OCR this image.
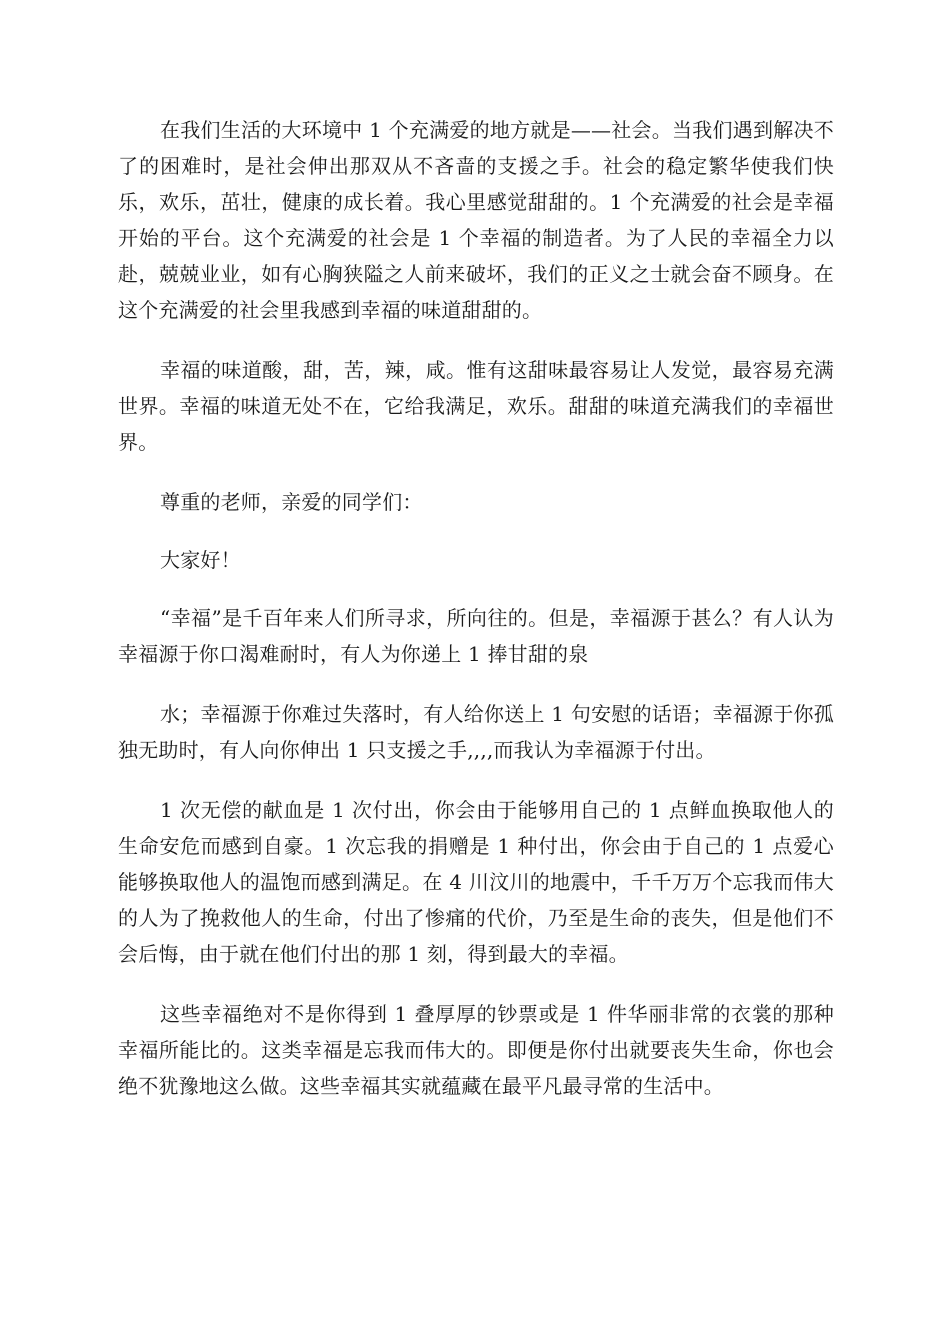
在我们生活的大环境中 1 个充满爱的地方就是——社会。当我们遇到解决不了的困难时，是社会伸出那双从不吝啬的支援之手。社会的稳定繁华使我们快乐，欢乐，茁壮，健康的成长着。我心里感觉甜甜的。1 个充满爱的社会是幸福开始的平台。这个充满爱的社会是 1 个幸福的制造者。为了人民的幸福全力以赴，兢兢业业，如有心胸狭隘之人前来破坏，我们的正义之士就会奋不顾身。在这个充满爱的社会里我感到幸福的味道甜甜的。

幸福的味道酸，甜，苦，辣，咸。惟有这甜味最容易让人发觉，最容易充满世界。幸福的味道无处不在，它给我满足，欢乐。甜甜的味道充满我们的幸福世界。

尊重的老师，亲爱的同学们：

大家好！

“幸福”是千百年来人们所寻求，所向往的。但是，幸福源于甚么？有人认为幸福源于你口渴难耐时，有人为你递上 1 捧甘甜的泉

水；幸福源于你难过失落时，有人给你送上 1 句安慰的话语；幸福源于你孤独无助时，有人向你伸出 1 只支援之手,,,,而我认为幸福源于付出。

1 次无偿的献血是 1 次付出，你会由于能够用自己的 1 点鲜血换取他人的生命安危而感到自豪。1 次忘我的捐赠是 1 种付出，你会由于自己的 1 点爱心能够换取他人的温饱而感到满足。在 4 川汶川的地震中，千千万万个忘我而伟大的人为了挽救他人的生命，付出了惨痛的代价，乃至是生命的丧失，但是他们不会后悔，由于就在他们付出的那 1 刻，得到最大的幸福。

这些幸福绝对不是你得到 1 叠厚厚的钞票或是 1 件华丽非常的衣裳的那种幸福所能比的。这类幸福是忘我而伟大的。即便是你付出就要丧失生命，你也会绝不犹豫地这么做。这些幸福其实就蕴藏在最平凡最寻常的生活中。
